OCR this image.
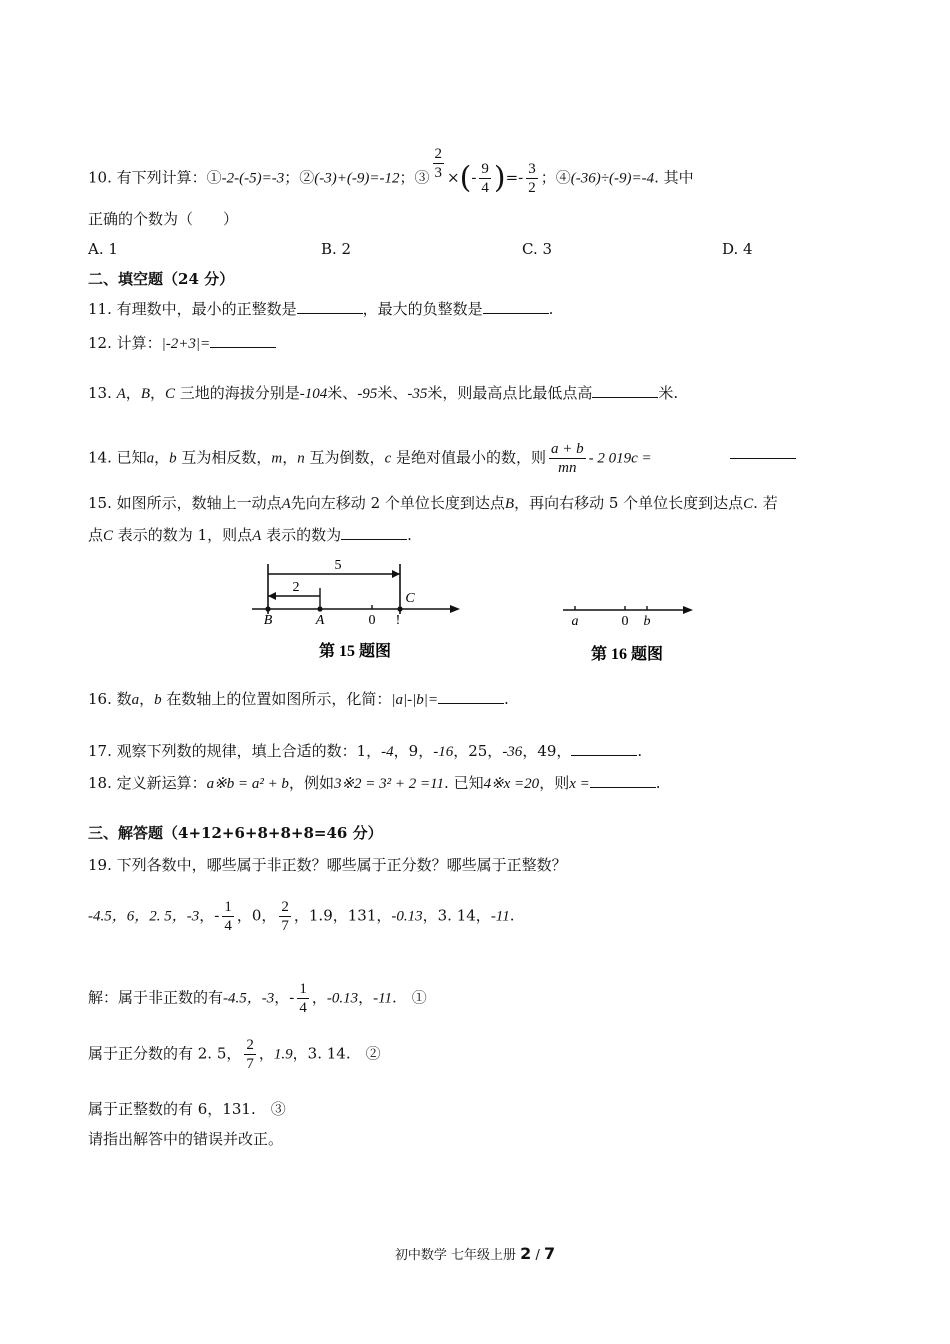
10. 有下列计算：①-2-(-5)=-3；②(-3)+(-9)=-12；③ $\frac{2}{3}$ ×(- $\frac{9}{4}$ )=- $\frac{3}{2}$ ；④(-36)÷(-9)=-4. 其中
正确的个数为（　　）
A. 1	B. 2	C. 3	D. 4
二、填空题（24 分）
11. 有理数中，最小的正整数是	，最大的负整数是	.
12. 计算：|-2+3|=
13. A，B，C 三地的海拔分别是-104米、-95米、-35米，则最高点比最低点高	米.
14. 已知a，b 互为相反数，m，n 互为倒数，c 是绝对值最小的数，则 $\frac{a + b}{mn} - 2$ 019c =
15. 如图所示，数轴上一动点A先向左移动 2 个单位长度到达点B，再向右移动 5 个单位长度到达点C. 若
点C 表示的数为 1，则点A 表示的数为	.
5
2
B	A	0 !
C
第 15 题图
a	0 b
第 16 题图
16. 数a，b 在数轴上的位置如图所示，化简：|a|-|b|=	.
17. 观察下列数的规律，填上合适的数：1，-4，9，-16，25，-36，49，	.
18. 定义新运算：a※b = a² + b，例如3※2 = 3² + 2 =11. 已知4※x =20，则x =	.
三、解答题（4+12+6+8+8+8=46 分）
19. 下列各数中，哪些属于非正数？哪些属于正分数？哪些属于正整数？
-4.5，6，2. 5，-3，- $\frac{1}{4}$ ，0， $\frac{2}{7}$ ，1.9，131，-0.13，3. 14，-11.
解：属于非正数的有-4.5，-3，- $\frac{1}{4}$ ，-0.13，-11.　①
属于正分数的有 2. 5， $\frac{2}{7}$ ，1.9，3. 14.　②
属于正整数的有 6，131.　③
请指出解答中的错误并改正。
初中数学 七年级上册 2 / 7
